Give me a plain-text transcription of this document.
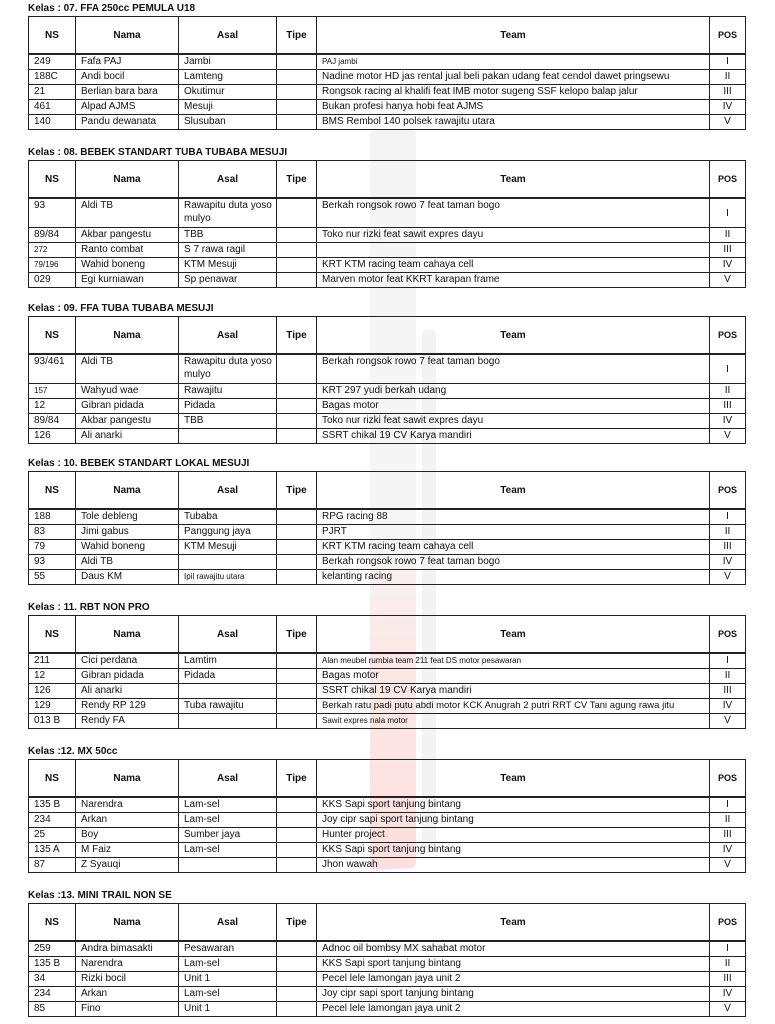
Kelas : 07. FFA 250cc PEMULA U18
NS	Nama	Asal	Tipe	Team	POS
249	Fafa PAJ	Jambi		PAJ jambi	I
188C	Andi bocil	Lamteng		Nadine motor HD jas rental jual beli pakan udang feat cendol dawet pringsewu	II
21	Berlian bara bara	Okutimur		Rongsok racing al khalifi feat IMB motor sugeng SSF kelopo balap jalur	III
461	Alpad AJMS	Mesuji		Bukan profesi hanya hobi feat AJMS	IV
140	Pandu dewanata	Slusuban		BMS Rembol 140 polsek rawajitu utara	V
Kelas : 08. BEBEK STANDART TUBA TUBABA MESUJI
NS	Nama	Asal	Tipe	Team	POS
93	Aldi TB	Rawapitu duta yoso mulyo		Berkah rongsok rowo 7 feat taman bogo	I
89/84	Akbar pangestu	TBB		Toko nur rizki feat sawit expres dayu	II
272	Ranto combat	S 7 rawa ragil			III
79/196	Wahid boneng	KTM Mesuji		KRT KTM racing team cahaya cell	IV
029	Egi kurniawan	Sp penawar		Marven motor feat KKRT karapan frame	V
Kelas : 09. FFA TUBA TUBABA MESUJI
NS	Nama	Asal	Tipe	Team	POS
93/461	Aldi TB	Rawapitu duta yoso mulyo		Berkah rongsok rowo 7 feat taman bogo	I
157	Wahyud wae	Rawajitu		KRT 297 yudi berkah udang	II
12	Gibran pidada	Pidada		Bagas motor	III
89/84	Akbar pangestu	TBB		Toko nur rizki feat sawit expres dayu	IV
126	Ali anarki			SSRT chikal 19 CV Karya mandiri	V
Kelas : 10. BEBEK STANDART LOKAL MESUJI
NS	Nama	Asal	Tipe	Team	POS
188	Tole debleng	Tubaba		RPG racing 88	I
83	Jimi gabus	Panggung jaya		PJRT	II
79	Wahid boneng	KTM Mesuji		KRT KTM racing team cahaya cell	III
93	Aldi TB			Berkah rongsok rowo 7 feat taman bogo	IV
55	Daus KM	Ipil rawajitu utara		kelanting racing	V
Kelas : 11. RBT NON PRO
NS	Nama	Asal	Tipe	Team	POS
211	Cici perdana	Lamtim		Alan meubel rumbia team 211 feat DS motor pesawaran	I
12	Gibran pidada	Pidada		Bagas motor	II
126	Ali anarki			SSRT chikal 19 CV Karya mandiri	III
129	Rendy RP 129	Tuba rawajitu		Berkah ratu padi putu abdi motor KCK Anugrah 2 putri RRT CV Tani agung rawa jitu	IV
013 B	Rendy FA			Sawit expres nala motor	V
Kelas :12. MX 50cc
NS	Nama	Asal	Tipe	Team	POS
135 B	Narendra	Lam-sel		KKS Sapi sport tanjung bintang	I
234	Arkan	Lam-sel		Joy cipr sapi sport tanjung bintang	II
25	Boy	Sumber jaya		Hunter project	III
135 A	M Faiz	Lam-sel		KKS Sapi sport tanjung bintang	IV
87	Z Syauqi			Jhon wawah	V
Kelas :13. MINI TRAIL NON SE
NS	Nama	Asal	Tipe	Team	POS
259	Andra bimasakti	Pesawaran		Adnoc oil bombsy MX sahabat motor	I
135 B	Narendra	Lam-sel		KKS Sapi sport tanjung bintang	II
34	Rizki bocil	Unit 1		Pecel lele lamongan jaya unit 2	III
234	Arkan	Lam-sel		Joy cipr sapi sport tanjung bintang	IV
85	Fino	Unit 1		Pecel lele lamongan jaya unit 2	V
